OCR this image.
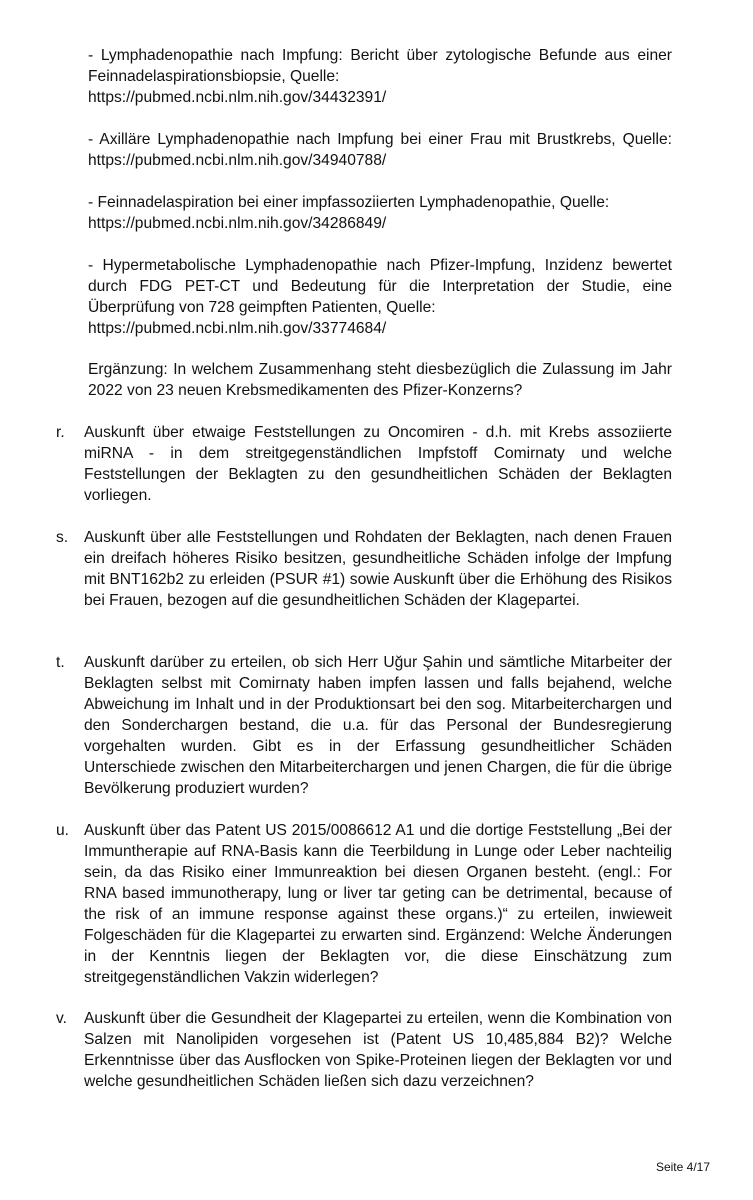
- Lymphadenopathie nach Impfung: Bericht über zytologische Befunde aus einer Feinnadelaspirationsbiopsie, Quelle:
https://pubmed.ncbi.nlm.nih.gov/34432391/
- Axilläre Lymphadenopathie nach Impfung bei einer Frau mit Brustkrebs, Quelle: https://pubmed.ncbi.nlm.nih.gov/34940788/
- Feinnadelaspiration bei einer impfassoziierten Lymphadenopathie, Quelle:
https://pubmed.ncbi.nlm.nih.gov/34286849/
- Hypermetabolische Lymphadenopathie nach Pfizer-Impfung, Inzidenz bewertet durch FDG PET-CT und Bedeutung für die Interpretation der Studie, eine Überprüfung von 728 geimpften Patienten, Quelle:
https://pubmed.ncbi.nlm.nih.gov/33774684/
Ergänzung: In welchem Zusammenhang steht diesbezüglich die Zulassung im Jahr 2022 von 23 neuen Krebsmedikamenten des Pfizer-Konzerns?
r.	Auskunft über etwaige Feststellungen zu Oncomiren - d.h. mit Krebs assoziierte miRNA - in dem streitgegenständlichen Impfstoff Comirnaty und welche Feststellungen der Beklagten zu den gesundheitlichen Schäden der Beklagten vorliegen.
s.	Auskunft über alle Feststellungen und Rohdaten der Beklagten, nach denen Frauen ein dreifach höheres Risiko besitzen, gesundheitliche Schäden infolge der Impfung mit BNT162b2 zu erleiden (PSUR #1) sowie Auskunft über die Erhöhung des Risikos bei Frauen, bezogen auf die gesundheitlichen Schäden der Klagepartei.
t.	Auskunft darüber zu erteilen, ob sich Herr Uğur Şahin und sämtliche Mitarbeiter der Beklagten selbst mit Comirnaty haben impfen lassen und falls bejahend, welche Abweichung im Inhalt und in der Produktionsart bei den sog. Mitarbeiterchargen und den Sonderchargen bestand, die u.a. für das Personal der Bundesregierung vorgehalten wurden. Gibt es in der Erfassung gesundheitlicher Schäden Unterschiede zwischen den Mitarbeiterchargen und jenen Chargen, die für die übrige Bevölkerung produziert wurden?
u. Auskunft über das Patent US 2015/0086612 A1 und die dortige Feststellung „Bei der Immuntherapie auf RNA-Basis kann die Teerbildung in Lunge oder Leber nachteilig sein, da das Risiko einer Immunreaktion bei diesen Organen besteht. (engl.: For RNA based immunotherapy, lung or liver tar geting can be detrimental, because of the risk of an immune response against these organs.)“ zu erteilen, inwieweit Folgeschäden für die Klagepartei zu erwarten sind. Ergänzend: Welche Änderungen in der Kenntnis liegen der Beklagten vor, die diese Einschätzung zum streitgegenständlichen Vakzin widerlegen?
v.	Auskunft über die Gesundheit der Klagepartei zu erteilen, wenn die Kombination von Salzen mit Nanolipiden vorgesehen ist (Patent US 10,485,884 B2)? Welche Erkenntnisse über das Ausflocken von Spike-Proteinen liegen der Beklagten vor und welche gesundheitlichen Schäden ließen sich dazu verzeichnen?
Seite 4/17
